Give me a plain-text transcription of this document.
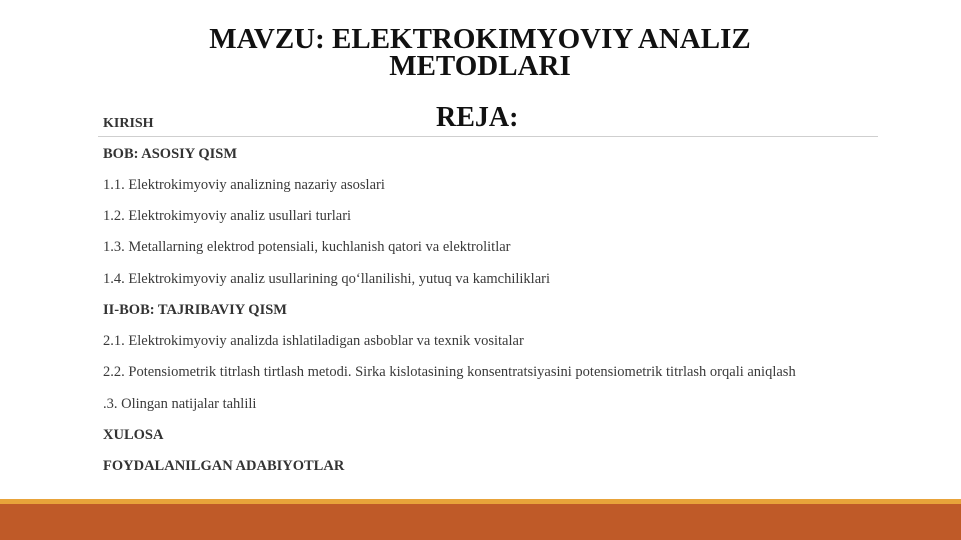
MAVZU: ELEKTROKIMYOVIY ANALIZ
METODLARI
KIRISH	REJA:
BOB: ASOSIY QISM
1.1. Elektrokimyoviy analizning nazariy asoslari
1.2. Elektrokimyoviy analiz usullari turlari
1.3. Metallarning elektrod potensiali, kuchlanish qatori va elektrolitlar
1.4. Elektrokimyoviy analiz usullarining qo‘llanilishi, yutuq va kamchiliklari
II-BOB: TAJRIBAVIY QISM
2.1. Elektrokimyoviy analizda ishlatiladigan asboblar va texnik vositalar
2.2. Potensiometrik titrlash tirtlash metodi. Sirka kislotasining konsentratsiyasini potensiometrik titrlash orqali aniqlash
.3. Olingan natijalar tahlili
XULOSA
FOYDALANILGAN ADABIYOTLAR
